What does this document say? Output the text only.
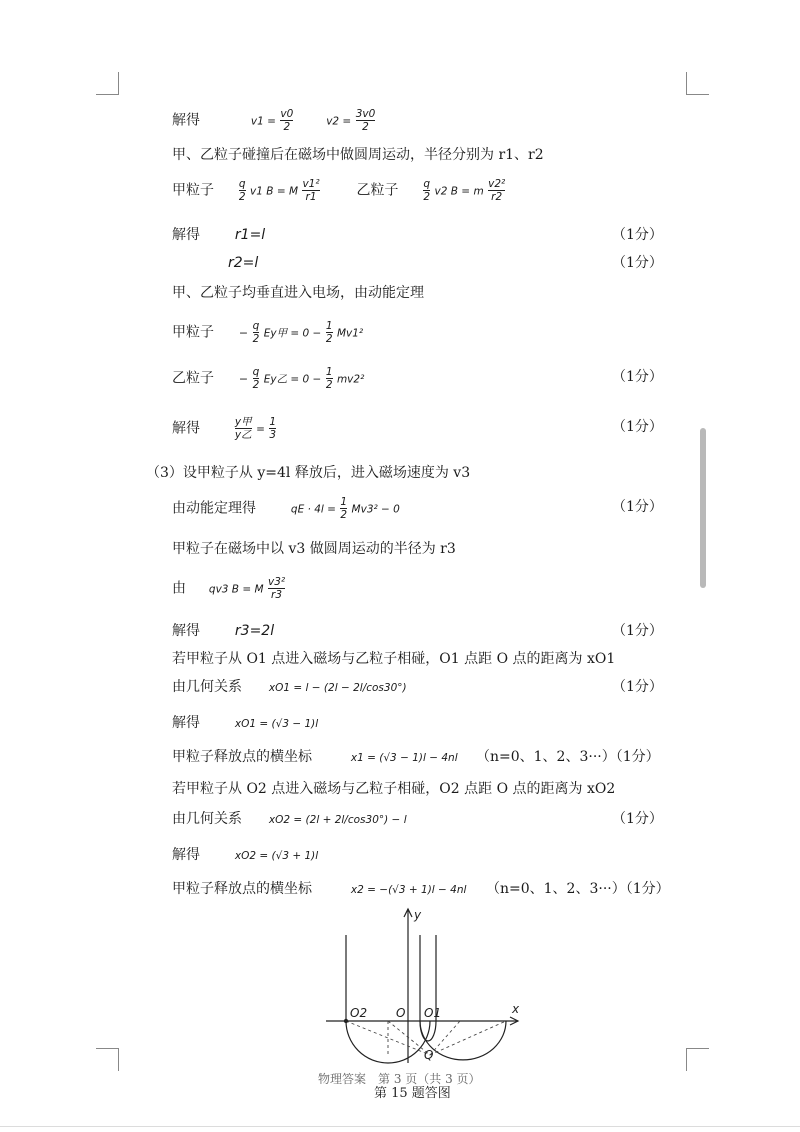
解得	$v1 = \frac{v0}{2}$	$v2 = \frac{3v0}{2}$
甲、乙粒子碰撞后在磁场中做圆周运动，半径分别为 r1、r2
甲粒子 $\frac{q}{2} v1$ B = M $\frac{\text{v1²}}{r1}$	乙粒子 $\frac{q}{2} v2$ B = m $\frac{\text{v2²}}{r2}$
解得 r1=l	（1分）
r2=l	（1分）
甲、乙粒子均垂直进入电场，由动能定理
甲粒子 − $\frac{q}{2}$ Ey甲 = $0 - \frac{1}{2} Mv1^2$
乙粒子 − $\frac{q}{2}$ Ey乙 = $0 - \frac{1}{2} mv2^2$	（1分）
解得	$\frac{\text{y甲}}{\text{y乙}} = \frac{1}{3}$	（1分）
（3）设甲粒子从 y=4l 释放后，进入磁场速度为 v3
由动能定理得	qE · $4l = \frac{1}{2} Mv3^2 - 0$	（1分）
甲粒子在磁场中以 v3 做圆周运动的半径为 r3
由 qv3 B = M $\frac{\text{v3²}}{r3}$
解得 r3=2l	（1分）
若甲粒子从 O1 点进入磁场与乙粒子相碰，O1 点距 O 点的距离为 xO1
由几何关系	xO1 = l − (2l − 2l/cos30°)	（1分）
解得	xO1 = (√3 − 1)l
甲粒子释放点的横坐标	x1 = (√3 − 1)l − 4nl （n=0、1、2、3···）（1分）
若甲粒子从 O2 点进入磁场与乙粒子相碰，O2 点距 O 点的距离为 xO2
由几何关系	xO2 = (2l + 2l/cos30°) − l	（1分）
解得	xO2 = (√3 + 1)l
甲粒子释放点的横坐标	x2 = −(√3 + 1)l − 4nl （n=0、1、2、3···）（1分）
y
x
O2 O O1
Q
物理答案　第 3 页（共 3 页）
第 15 题答图
